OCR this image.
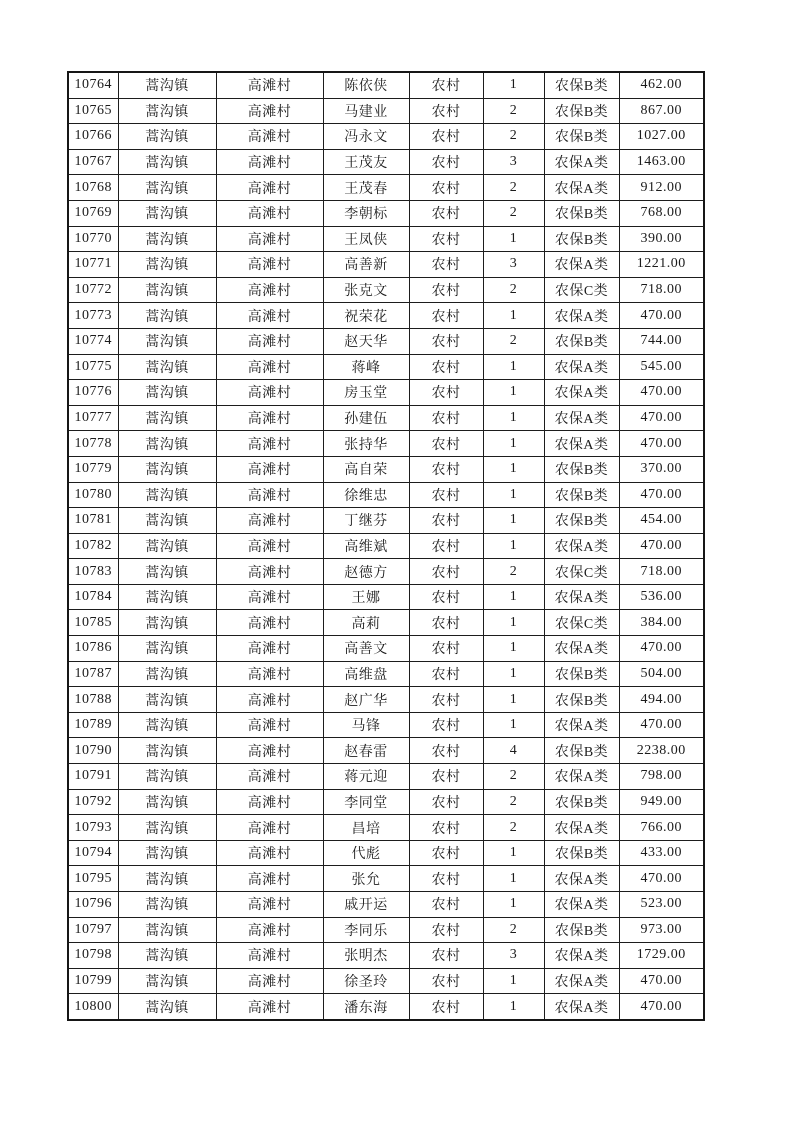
10764	蒿沟镇	高滩村	陈依侠	农村	1	农保B类	462.00
10765	蒿沟镇	高滩村	马建业	农村	2	农保B类	867.00
10766	蒿沟镇	高滩村	冯永文	农村	2	农保B类	1027.00
10767	蒿沟镇	高滩村	王茂友	农村	3	农保A类	1463.00
10768	蒿沟镇	高滩村	王茂春	农村	2	农保A类	912.00
10769	蒿沟镇	高滩村	李朝标	农村	2	农保B类	768.00
10770	蒿沟镇	高滩村	王凤侠	农村	1	农保B类	390.00
10771	蒿沟镇	高滩村	高善新	农村	3	农保A类	1221.00
10772	蒿沟镇	高滩村	张克文	农村	2	农保C类	718.00
10773	蒿沟镇	高滩村	祝荣花	农村	1	农保A类	470.00
10774	蒿沟镇	高滩村	赵天华	农村	2	农保B类	744.00
10775	蒿沟镇	高滩村	蒋峰	农村	1	农保A类	545.00
10776	蒿沟镇	高滩村	房玉堂	农村	1	农保A类	470.00
10777	蒿沟镇	高滩村	孙建伍	农村	1	农保A类	470.00
10778	蒿沟镇	高滩村	张持华	农村	1	农保A类	470.00
10779	蒿沟镇	高滩村	高自荣	农村	1	农保B类	370.00
10780	蒿沟镇	高滩村	徐维忠	农村	1	农保B类	470.00
10781	蒿沟镇	高滩村	丁继芬	农村	1	农保B类	454.00
10782	蒿沟镇	高滩村	高维斌	农村	1	农保A类	470.00
10783	蒿沟镇	高滩村	赵德方	农村	2	农保C类	718.00
10784	蒿沟镇	高滩村	王娜	农村	1	农保A类	536.00
10785	蒿沟镇	高滩村	高莉	农村	1	农保C类	384.00
10786	蒿沟镇	高滩村	高善文	农村	1	农保A类	470.00
10787	蒿沟镇	高滩村	高维盘	农村	1	农保B类	504.00
10788	蒿沟镇	高滩村	赵广华	农村	1	农保B类	494.00
10789	蒿沟镇	高滩村	马锋	农村	1	农保A类	470.00
10790	蒿沟镇	高滩村	赵春雷	农村	4	农保B类	2238.00
10791	蒿沟镇	高滩村	蒋元迎	农村	2	农保A类	798.00
10792	蒿沟镇	高滩村	李同堂	农村	2	农保B类	949.00
10793	蒿沟镇	高滩村	昌培	农村	2	农保A类	766.00
10794	蒿沟镇	高滩村	代彪	农村	1	农保B类	433.00
10795	蒿沟镇	高滩村	张允	农村	1	农保A类	470.00
10796	蒿沟镇	高滩村	戚开运	农村	1	农保A类	523.00
10797	蒿沟镇	高滩村	李同乐	农村	2	农保B类	973.00
10798	蒿沟镇	高滩村	张明杰	农村	3	农保A类	1729.00
10799	蒿沟镇	高滩村	徐圣玲	农村	1	农保A类	470.00
10800	蒿沟镇	高滩村	潘东海	农村	1	农保A类	470.00
